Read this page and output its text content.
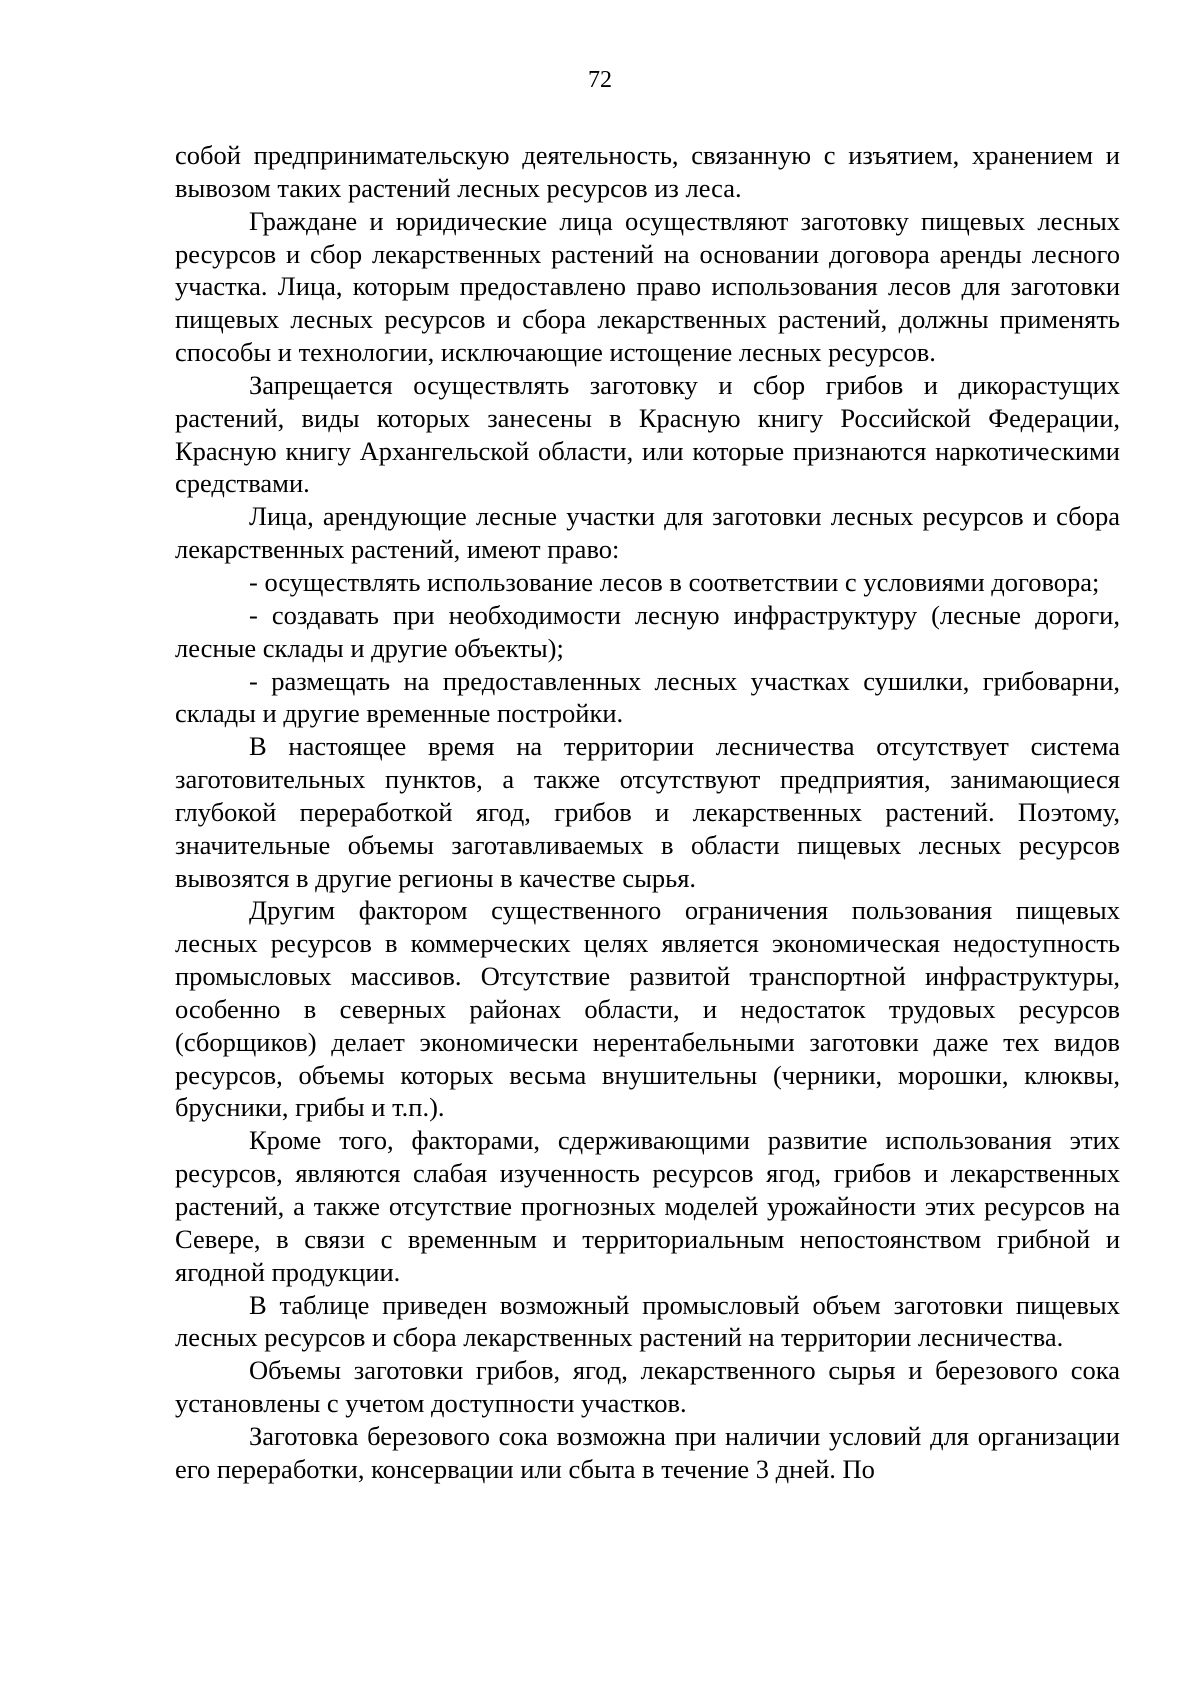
72

собой предпринимательскую деятельность, связанную с изъятием, хранением и вывозом таких растений лесных ресурсов из леса.

Граждане и юридические лица осуществляют заготовку пищевых лесных ресурсов и сбор лекарственных растений на основании договора аренды лесного участка. Лица, которым предоставлено право использования лесов для заготовки пищевых лесных ресурсов и сбора лекарственных растений, должны применять способы и технологии, исключающие истощение лесных ресурсов.

Запрещается осуществлять заготовку и сбор грибов и дикорастущих растений, виды которых занесены в Красную книгу Российской Федерации, Красную книгу Архангельской области, или которые признаются наркотическими средствами.

Лица, арендующие лесные участки для заготовки лесных ресурсов и сбора лекарственных растений, имеют право:

- осуществлять использование лесов в соответствии с условиями договора;

- создавать при необходимости лесную инфраструктуру (лесные дороги, лесные склады и другие объекты);

- размещать на предоставленных лесных участках сушилки, грибоварни, склады и другие временные постройки.

В настоящее время на территории лесничества отсутствует система заготовительных пунктов, а также отсутствуют предприятия, занимающиеся глубокой переработкой ягод, грибов и лекарственных растений. Поэтому, значительные объемы заготавливаемых в области пищевых лесных ресурсов вывозятся в другие регионы в качестве сырья.

Другим фактором существенного ограничения пользования пищевых лесных ресурсов в коммерческих целях является экономическая недоступность промысловых массивов. Отсутствие развитой транспортной инфраструктуры, особенно в северных районах области, и недостаток трудовых ресурсов (сборщиков) делает экономически нерентабельными заготовки даже тех видов ресурсов, объемы которых весьма внушительны (черники, морошки, клюквы, брусники, грибы и т.п.).

Кроме того, факторами, сдерживающими развитие использования этих ресурсов, являются слабая изученность ресурсов ягод, грибов и лекарственных растений, а также отсутствие прогнозных моделей урожайности этих ресурсов на Севере, в связи с временным и территориальным непостоянством грибной и ягодной продукции.

В таблице приведен возможный промысловый объем заготовки пищевых лесных ресурсов и сбора лекарственных растений на территории лесничества.

Объемы заготовки грибов, ягод, лекарственного сырья и березового сока установлены с учетом доступности участков.

Заготовка березового сока возможна при наличии условий для организации его переработки, консервации или сбыта в течение 3 дней. По
